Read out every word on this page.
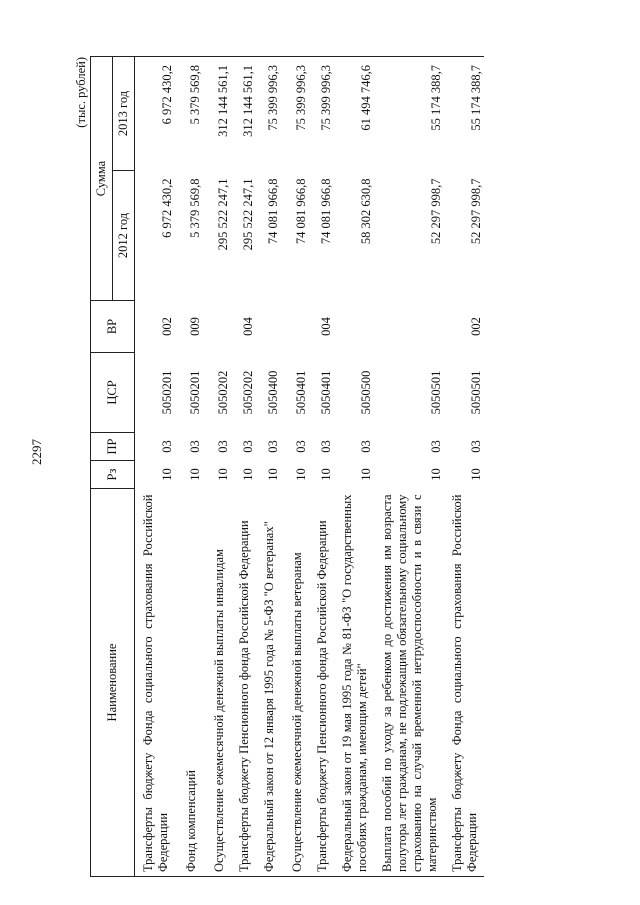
2297
(тыс. рублей)
Наименование	Рз	ПР	ЦСР	ВР	Сумма	
					2012 год	2013 год
Трансферты бюджету Фонда социального страхования Российской Федерации	10	03	5050201	002	6 972 430,2	6 972 430,2
Фонд компенсаций	10	03	5050201	009	5 379 569,8	5 379 569,8
Осуществление ежемесячной денежной выплаты инвалидам	10	03	5050202		295 522 247,1	312 144 561,1
Трансферты бюджету Пенсионного фонда Российской Федерации	10	03	5050202	004	295 522 247,1	312 144 561,1
Федеральный закон от 12 января 1995 года № 5-ФЗ "О ветеранах"	10	03	5050400		74 081 966,8	75 399 996,3
Осуществление ежемесячной денежной выплаты ветеранам	10	03	5050401		74 081 966,8	75 399 996,3
Трансферты бюджету Пенсионного фонда Российской Федерации	10	03	5050401	004	74 081 966,8	75 399 996,3
Федеральный закон от 19 мая 1995 года № 81-ФЗ "О государственных пособиях гражданам, имеющим детей"	10	03	5050500		58 302 630,8	61 494 746,6
Выплата пособий по уходу за ребенком до достижения им возраста полутора лет гражданам, не подлежащим обязательному социальному страхованию на случай временной нетрудоспособности и в связи с материнством	10	03	5050501		52 297 998,7	55 174 388,7
Трансферты бюджету Фонда социального страхования Российской Федерации	10	03	5050501	002	52 297 998,7	55 174 388,7
